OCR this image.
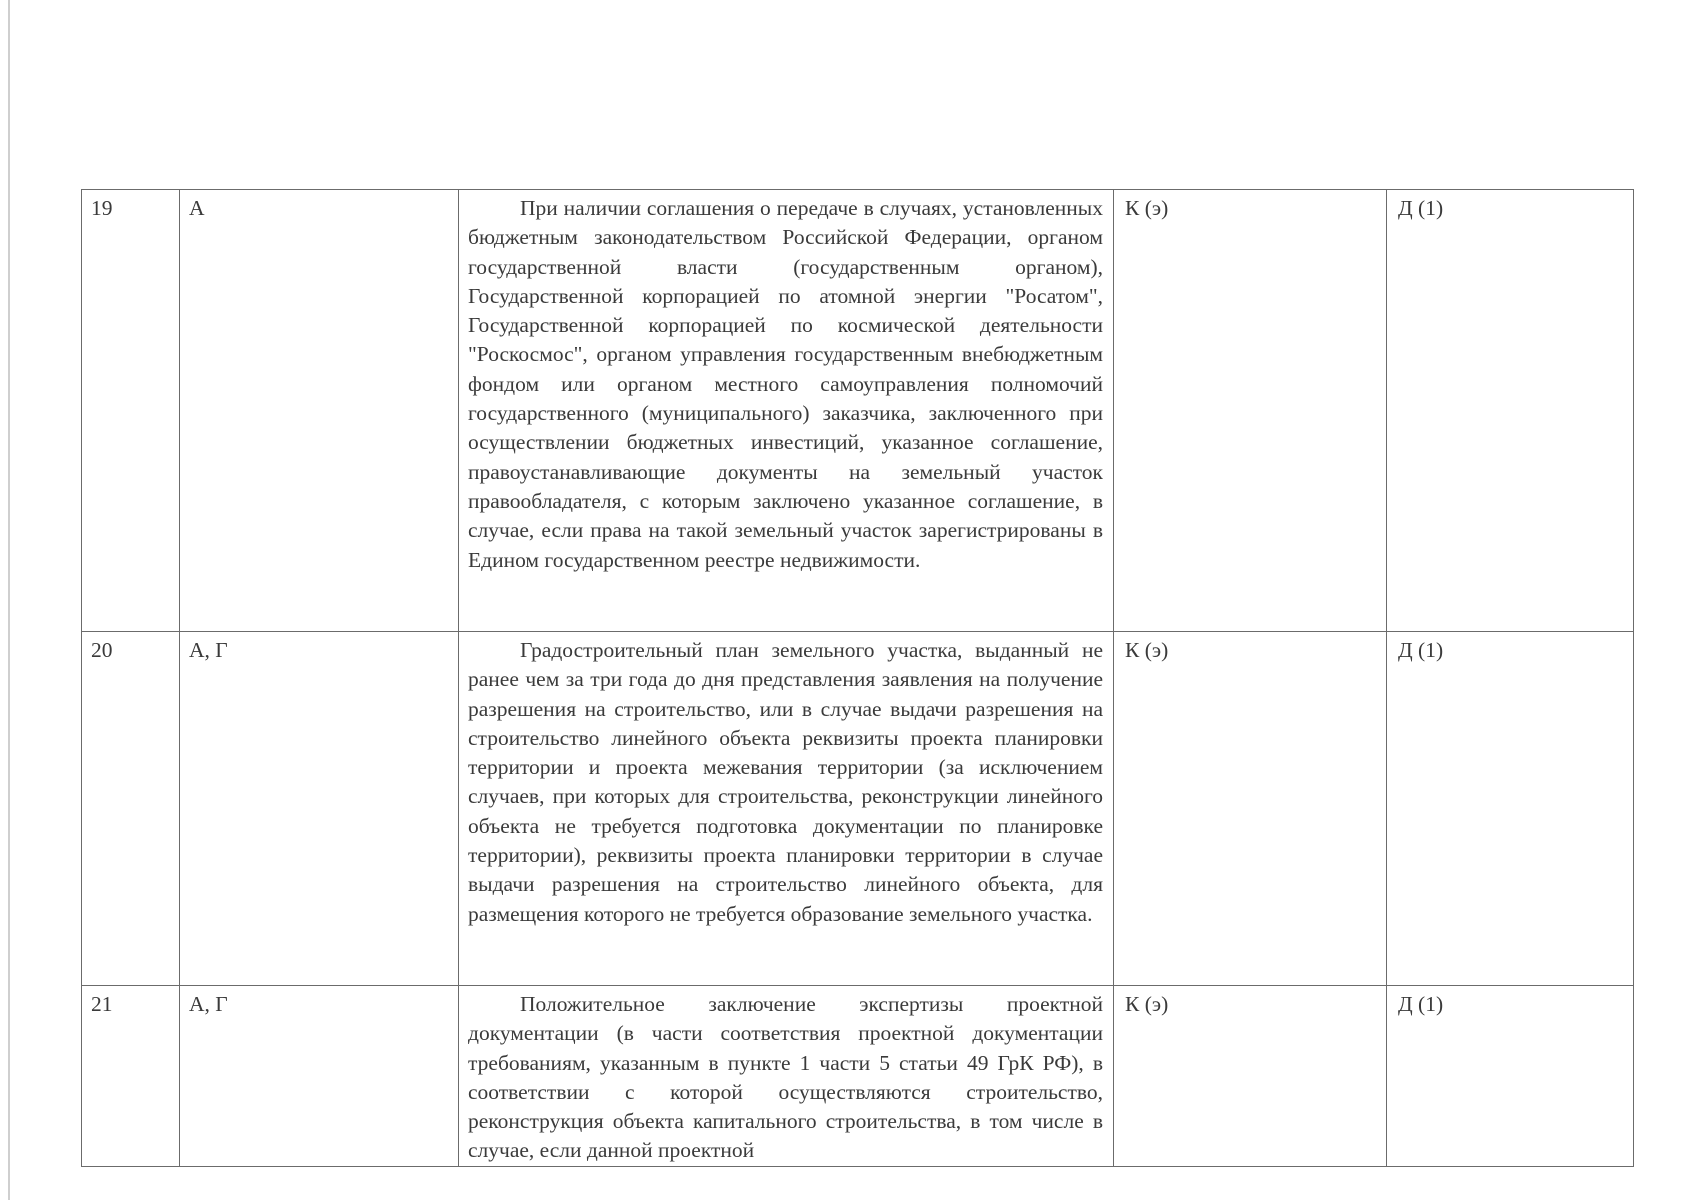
19	А	При наличии соглашения о передаче в случаях, установленных бюджетным законодательством Российской Федерации, органом государственной власти (государственным органом), Государственной корпорацией по атомной энергии "Росатом", Государственной корпорацией по космической деятельности "Роскосмос", органом управления государственным внебюджетным фондом или органом местного самоуправления полномочий государственного (муниципального) заказчика, заключенного при осуществлении бюджетных инвестиций, указанное соглашение, правоустанавливающие документы на земельный участок правообладателя, с которым заключено указанное соглашение, в случае, если права на такой земельный участок зарегистрированы в Едином государственном реестре недвижимости.	К (э)	Д (1)
20	А, Г	Градостроительный план земельного участка, выданный не ранее чем за три года до дня представления заявления на получение разрешения на строительство, или в случае выдачи разрешения на строительство линейного объекта реквизиты проекта планировки территории и проекта межевания территории (за исключением случаев, при которых для строительства, реконструкции линейного объекта не требуется подготовка документации по планировке территории), реквизиты проекта планировки территории в случае выдачи разрешения на строительство линейного объекта, для размещения которого не требуется образование земельного участка.	К (э)	Д (1)
21	А, Г	Положительное заключение экспертизы проектной документации (в части соответствия проектной документации требованиям, указанным в пункте 1 части 5 статьи 49 ГрК РФ), в соответствии с которой осуществляются строительство, реконструкция объекта капитального строительства, в том числе в случае, если данной проектной	К (э)	Д (1)
